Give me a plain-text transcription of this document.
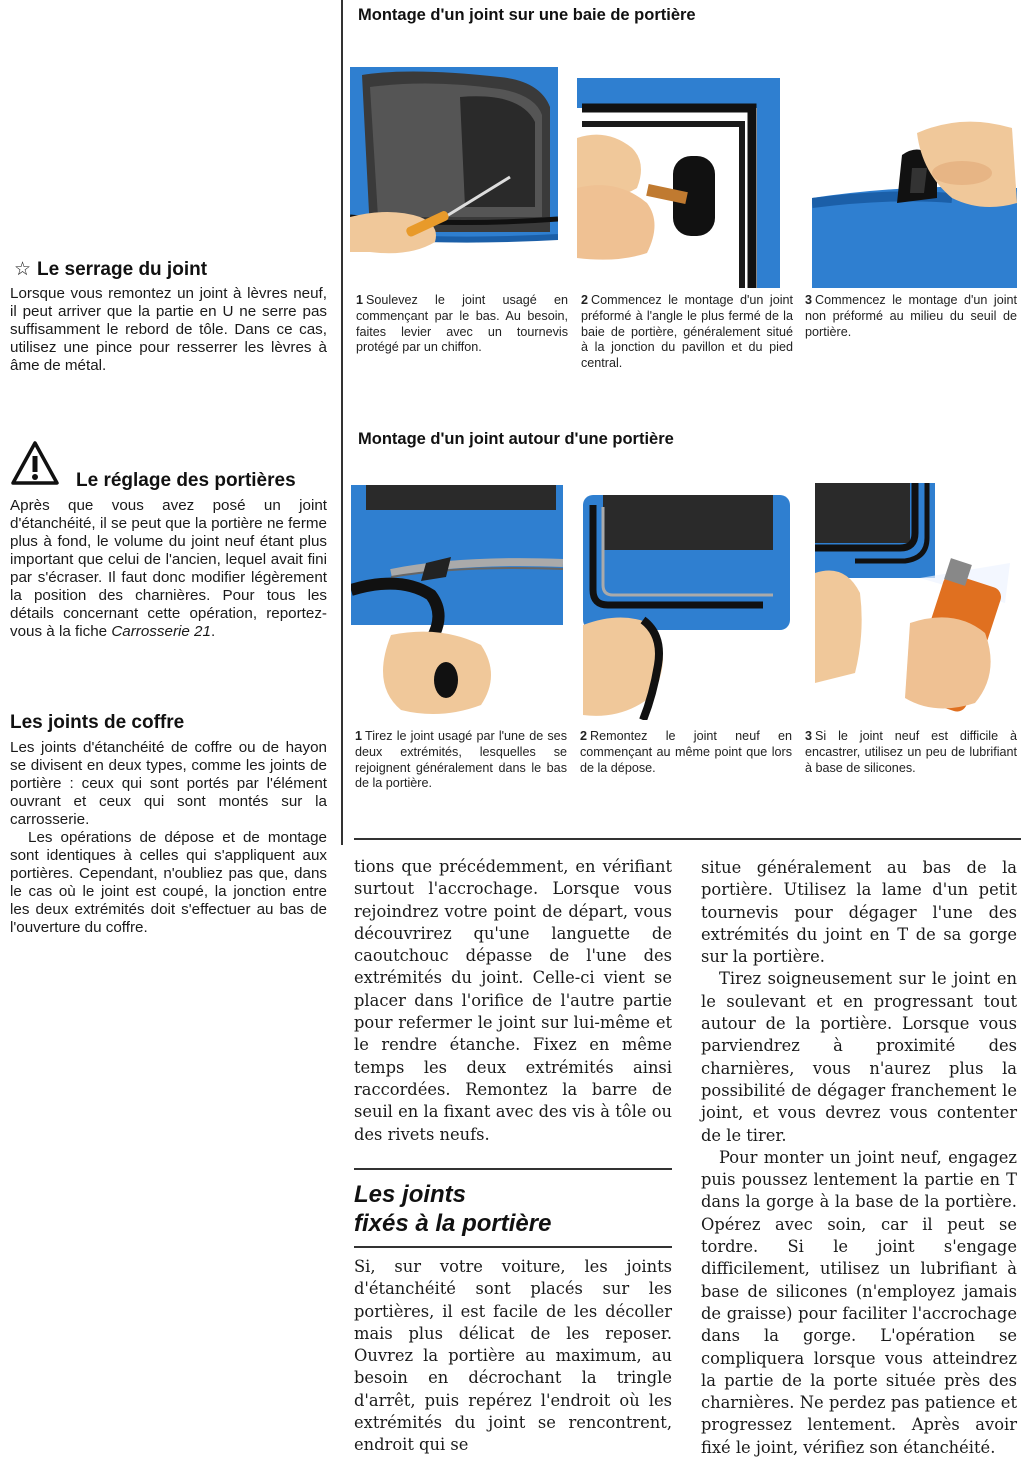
☆ Le serrage du joint
Lorsque vous remontez un joint à lèvres neuf, il peut arriver que la partie en U ne serre pas suffisamment le rebord de tôle. Dans ce cas, utilisez une pince pour resserrer les lèvres à âme de métal.
Le réglage des portières
Après que vous avez posé un joint d'étanchéité, il se peut que la portière ne ferme plus à fond, le volume du joint neuf étant plus important que celui de l'ancien, lequel avait fini par s'écraser. Il faut donc modifier légèrement la position des charnières. Pour tous les détails concernant cette opération, reportez-vous à la fiche Carrosserie 21.
Les joints de coffre

Les joints d'étanchéité de coffre ou de hayon se divisent en deux types, comme les joints de portière : ceux qui sont portés par l'élément ouvrant et ceux qui sont montés sur la carrosserie.

Les opérations de dépose et de montage sont identiques à celles qui s'appliquent aux portières. Cependant, n'oubliez pas que, dans le cas où le joint est coupé, la jonction entre les deux extrémités doit s'effectuer au bas de l'ouverture du coffre.

Montage d'un joint sur une baie de portière
1 Soulevez le joint usagé en commençant par le bas. Au besoin, faites levier avec un tournevis protégé par un chiffon.
2 Commencez le montage d'un joint préformé à l'angle le plus fermé de la baie de portière, généralement situé à la jonction du pavillon et du pied central.
3 Commencez le montage d'un joint non préformé au milieu du seuil de portière.
Montage d'un joint autour d'une portière
1 Tirez le joint usagé par l'une de ses deux extrémités, lesquelles se rejoignent généralement dans le bas de la portière.
2 Remontez le joint neuf en commençant au même point que lors de la dépose.
3 Si le joint neuf est difficile à encastrer, utilisez un peu de lubrifiant à base de silicones.
tions que précédemment, en vérifiant surtout l'accrochage. Lorsque vous rejoindrez votre point de départ, vous découvrirez qu'une languette de caoutchouc dépasse de l'une des extrémités du joint. Celle-ci vient se placer dans l'orifice de l'autre partie pour refermer le joint sur lui-même et le rendre étanche. Fixez en même temps les deux extrémités ainsi raccordées. Remontez la barre de seuil en la fixant avec des vis à tôle ou des rivets neufs.
Les joints
fixés à la portière
Si, sur votre voiture, les joints d'étanchéité sont placés sur les portières, il est facile de les décoller mais plus délicat de les reposer. Ouvrez la portière au maximum, au besoin en décrochant la tringle d'arrêt, puis repérez l'endroit où les extrémités du joint se rencontrent, endroit qui se

situe généralement au bas de la portière. Utilisez la lame d'un petit tournevis pour dégager l'une des extrémités du joint en T de sa gorge sur la portière.

Tirez soigneusement sur le joint en le soulevant et en progressant tout autour de la portière. Lorsque vous parviendrez à proximité des charnières, vous n'aurez plus la possibilité de dégager franchement le joint, et vous devrez vous contenter de le tirer.

Pour monter un joint neuf, engagez puis poussez lentement la partie en T dans la gorge à la base de la portière. Opérez avec soin, car il peut se tordre. Si le joint s'engage difficilement, utilisez un lubrifiant à base de silicones (n'employez jamais de graisse) pour faciliter l'accrochage dans la gorge. L'opération se compliquera lorsque vous atteindrez la partie de la porte située près des charnières. Ne perdez pas patience et progressez lentement. Après avoir fixé le joint, vérifiez son étanchéité.
